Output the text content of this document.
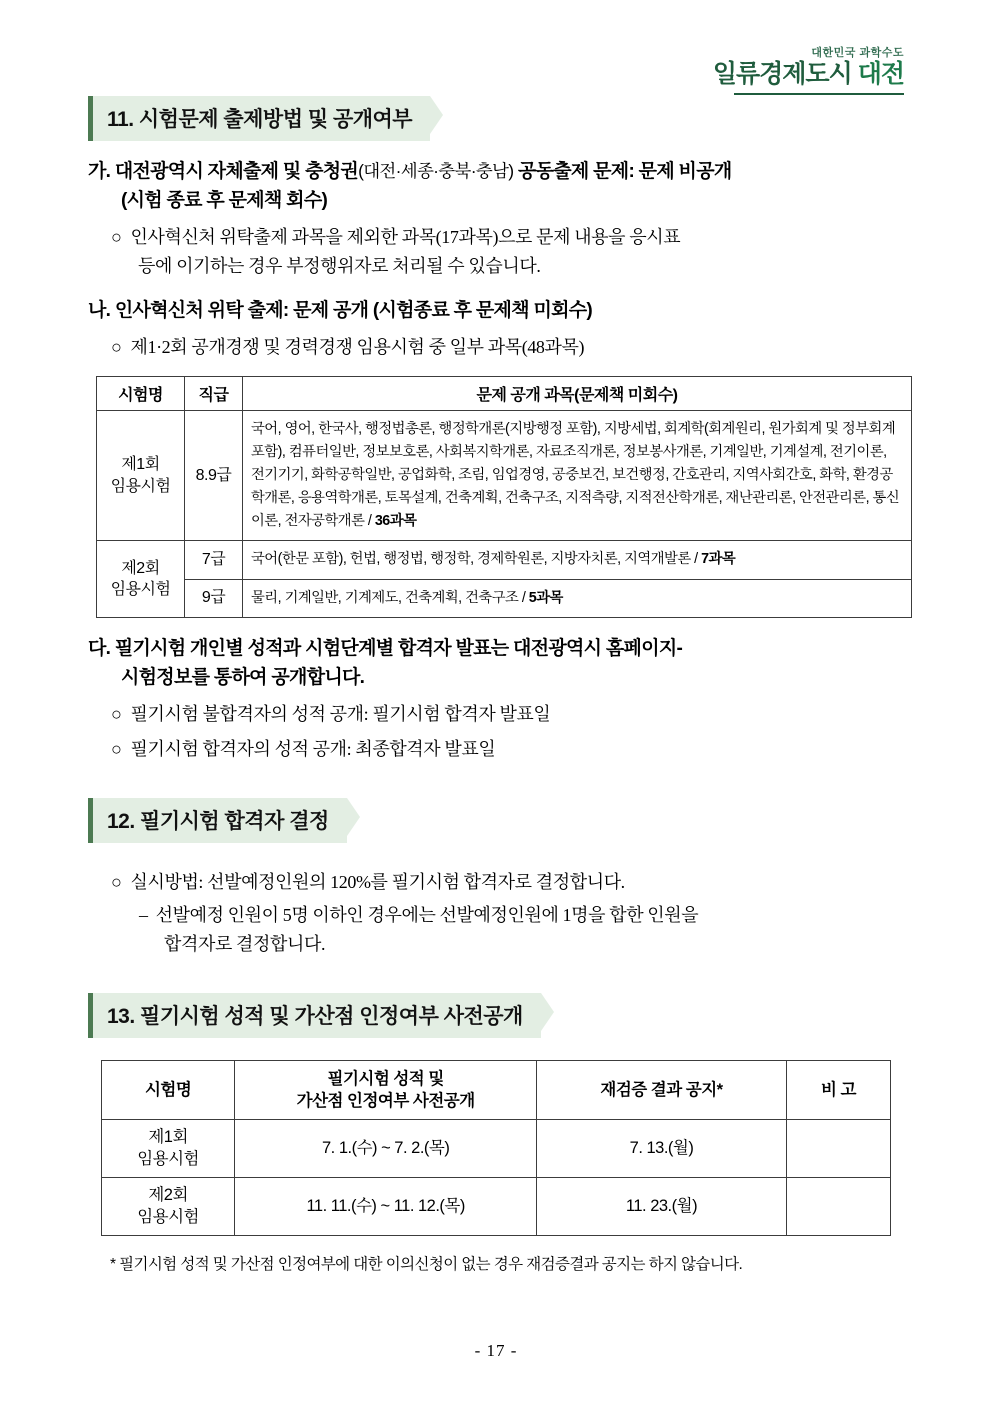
대한민국 과학수도
일류경제도시 대전
11. 시험문제 출제방법 및 공개여부

가. 대전광역시 자체출제 및 충청권(대전·세종·충북·충남) 공동출제 문제: 문제 비공개
(시험 종료 후 문제책 회수)

○ 인사혁신처 위탁출제 과목을 제외한 과목(17과목)으로 문제 내용을 응시표
등에 이기하는 경우 부정행위자로 처리될 수 있습니다.

나. 인사혁신처 위탁 출제: 문제 공개 (시험종료 후 문제책 미회수)

○ 제1·2회 공개경쟁 및 경력경쟁 임용시험 중 일부 과목(48과목)

시험명	직급	문제 공개 과목(문제책 미회수)
제1회
임용시험	8.9급	국어, 영어, 한국사, 행정법총론, 행정학개론(지방행정 포함), 지방세법, 회계학(회계원리, 원가회계 및 정부회계 포함), 컴퓨터일반, 정보보호론, 사회복지학개론, 자료조직개론, 정보봉사개론, 기계일반, 기계설계, 전기이론, 전기기기, 화학공학일반, 공업화학, 조림, 임업경영, 공중보건, 보건행정, 간호관리, 지역사회간호, 화학, 환경공학개론, 응용역학개론, 토목설계, 건축계획, 건축구조, 지적측량, 지적전산학개론, 재난관리론, 안전관리론, 통신이론, 전자공학개론 / 36과목
제2회
임용시험	7급	국어(한문 포함), 헌법, 행정법, 행정학, 경제학원론, 지방자치론, 지역개발론 / 7과목
	9급	물리, 기계일반, 기계제도, 건축계획, 건축구조 / 5과목

다. 필기시험 개인별 성적과 시험단계별 합격자 발표는 대전광역시 홈페이지-
시험정보를 통하여 공개합니다.

○ 필기시험 불합격자의 성적 공개: 필기시험 합격자 발표일

○ 필기시험 합격자의 성적 공개: 최종합격자 발표일

12. 필기시험 합격자 결정

○ 실시방법: 선발예정인원의 120%를 필기시험 합격자로 결정합니다.

– 선발예정 인원이 5명 이하인 경우에는 선발예정인원에 1명을 합한 인원을
합격자로 결정합니다.

13. 필기시험 성적 및 가산점 인정여부 사전공개
시험명	필기시험 성적 및
가산점 인정여부 사전공개	재검증 결과 공지*	비 고
제1회
임용시험	7. 1.(수) ~ 7. 2.(목)	7. 13.(월)	
제2회
임용시험	11. 11.(수) ~ 11. 12.(목)	11. 23.(월)	

* 필기시험 성적 및 가산점 인정여부에 대한 이의신청이 없는 경우 재검증결과 공지는 하지 않습니다.

- 17 -
